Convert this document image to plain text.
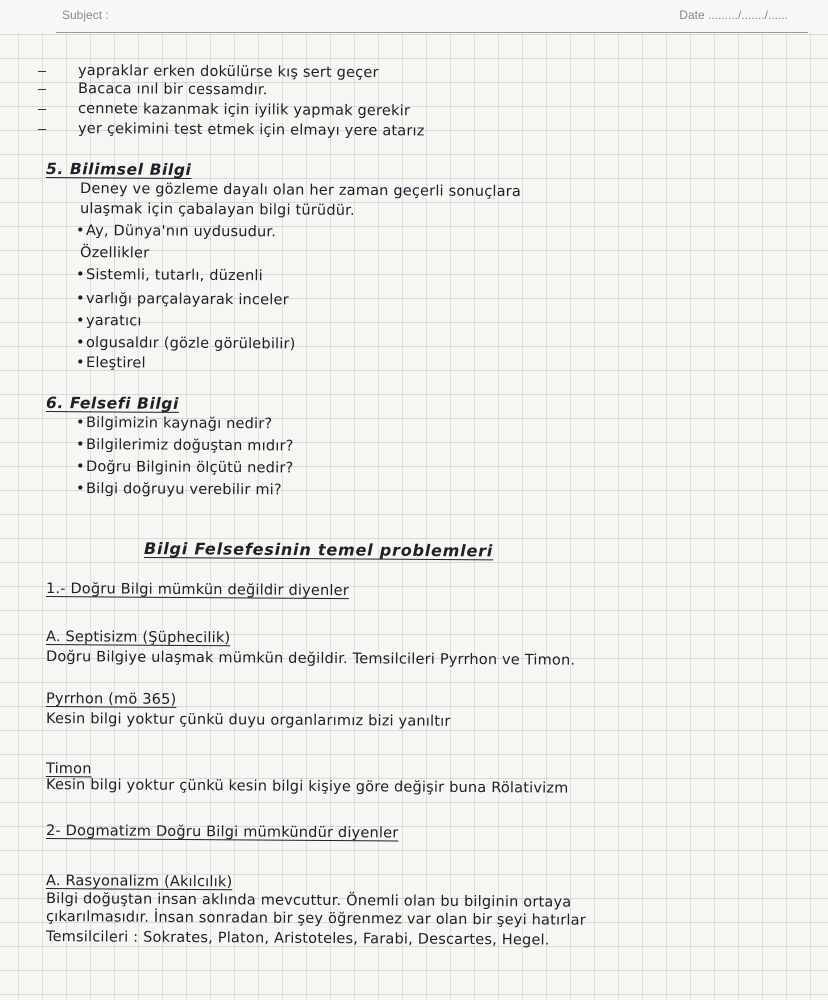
Subject :	Date ........./......./......
yapraklar erken dokülürse kış sert geçer
Bacaca ınıl bir cessamdır.
cennete kazanmak için iyilik yapmak gerekir
yer çekimini test etmek için elmayı yere atarız
5. Bilimsel Bilgi
Deney ve gözleme dayalı olan her zaman geçerli sonuçlara
ulaşmak için çabalayan bilgi türüdür.
• Ay, Dünya'nın uydusudur.
Özellikler
• Sistemli, tutarlı, düzenli
• varlığı parçalayarak inceler
• yaratıcı
• olgusaldır (gözle görülebilir)
• Eleştirel
6. Felsefi Bilgi
• Bilgimizin kaynağı nedir?
• Bilgilerimiz doğuştan mıdır?
• Doğru Bilginin ölçütü nedir?
• Bilgi doğruyu verebilir mi?
Bilgi Felsefesinin temel problemleri
1.- Doğru Bilgi mümkün değildir diyenler
A. Septisizm (Şüphecilik)
Doğru Bilgiye ulaşmak mümkün değildir. Temsilcileri Pyrrhon ve Timon.
Pyrrhon (mö 365)
Kesin bilgi yoktur çünkü duyu organlarımız bizi yanıltır
Timon
Kesin bilgi yoktur çünkü kesin bilgi kişiye göre değişir buna Rölativizm
2- Dogmatizm Doğru Bilgi mümkündür diyenler
A. Rasyonalizm (Akılcılık)
Bilgi doğuştan insan aklında mevcuttur. Önemli olan bu bilginin ortaya
çıkarılmasıdır. İnsan sonradan bir şey öğrenmez var olan bir şeyi hatırlar
Temsilcileri : Sokrates, Platon, Aristoteles, Farabi, Descartes, Hegel.
